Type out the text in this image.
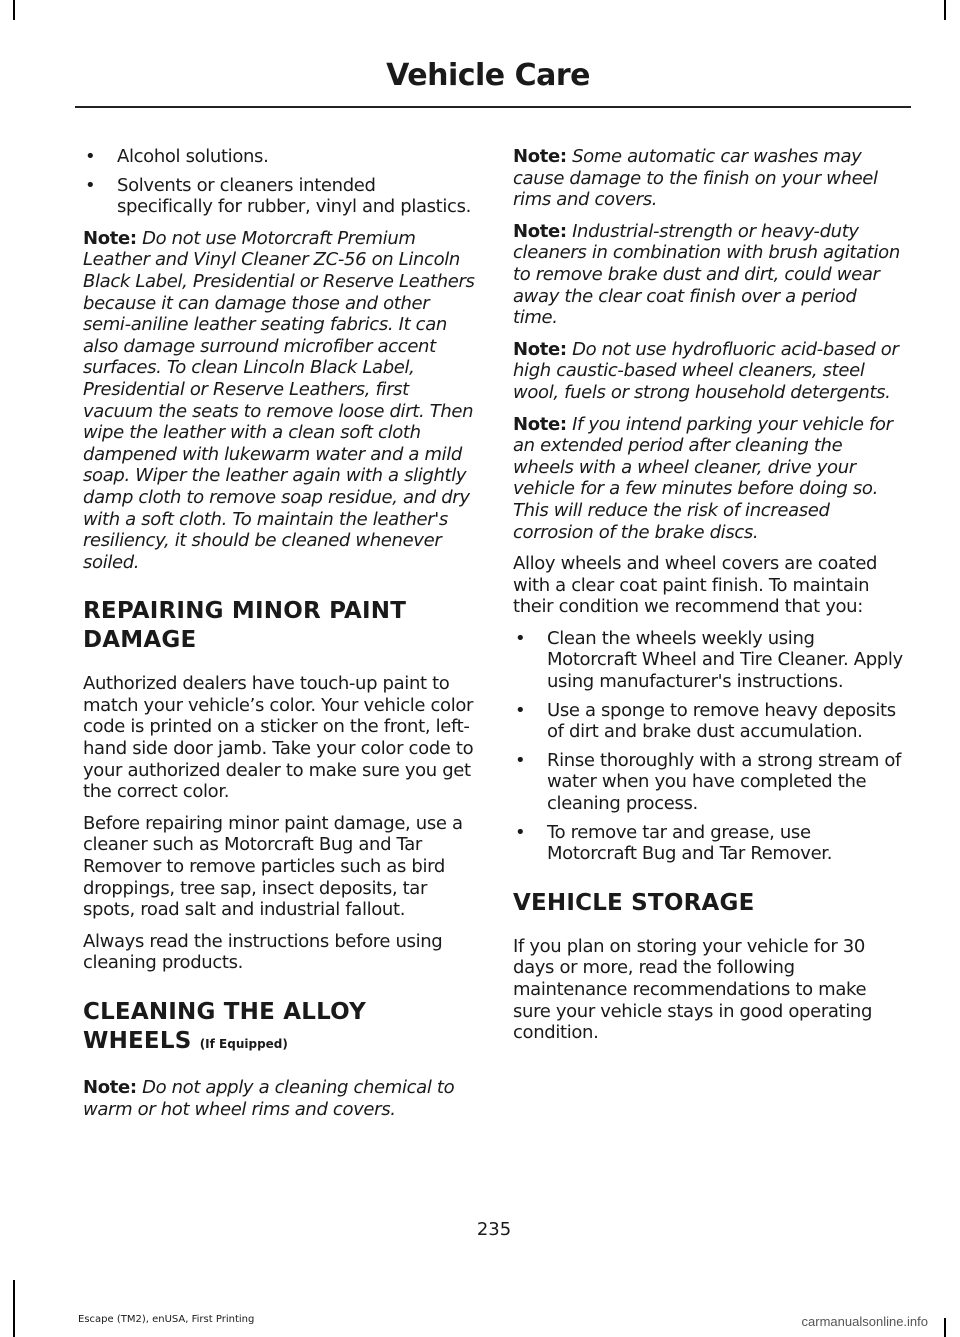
Vehicle Care
• Alcohol solutions.
• Solvents or cleaners intended specifically for rubber, vinyl and plastics.

Note: Do not use Motorcraft Premium Leather and Vinyl Cleaner ZC-56 on Lincoln Black Label, Presidential or Reserve Leathers because it can damage those and other semi-aniline leather seating fabrics. It can also damage surround microfiber accent surfaces. To clean Lincoln Black Label, Presidential or Reserve Leathers, first vacuum the seats to remove loose dirt. Then wipe the leather with a clean soft cloth dampened with lukewarm water and a mild soap. Wiper the leather again with a slightly damp cloth to remove soap residue, and dry with a soft cloth. To maintain the leather's resiliency, it should be cleaned whenever soiled.

REPAIRING MINOR PAINT DAMAGE

Authorized dealers have touch-up paint to match your vehicle’s color. Your vehicle color code is printed on a sticker on the front, left-hand side door jamb. Take your color code to your authorized dealer to make sure you get the correct color.

Before repairing minor paint damage, use a cleaner such as Motorcraft Bug and Tar Remover to remove particles such as bird droppings, tree sap, insect deposits, tar spots, road salt and industrial fallout.

Always read the instructions before using cleaning products.

CLEANING THE ALLOY WHEELS (If Equipped)

Note: Do not apply a cleaning chemical to warm or hot wheel rims and covers.

Note: Some automatic car washes may cause damage to the finish on your wheel rims and covers.

Note: Industrial-strength or heavy-duty cleaners in combination with brush agitation to remove brake dust and dirt, could wear away the clear coat finish over a period time.

Note: Do not use hydrofluoric acid-based or high caustic-based wheel cleaners, steel wool, fuels or strong household detergents.

Note: If you intend parking your vehicle for an extended period after cleaning the wheels with a wheel cleaner, drive your vehicle for a few minutes before doing so. This will reduce the risk of increased corrosion of the brake discs.

Alloy wheels and wheel covers are coated with a clear coat paint finish. To maintain their condition we recommend that you:

• Clean the wheels weekly using Motorcraft Wheel and Tire Cleaner. Apply using manufacturer's instructions.
• Use a sponge to remove heavy deposits of dirt and brake dust accumulation.
• Rinse thoroughly with a strong stream of water when you have completed the cleaning process.
• To remove tar and grease, use Motorcraft Bug and Tar Remover.
VEHICLE STORAGE

If you plan on storing your vehicle for 30 days or more, read the following maintenance recommendations to make sure your vehicle stays in good operating condition.

235
Escape (TM2), enUSA, First Printing	carmanualsonline.info
